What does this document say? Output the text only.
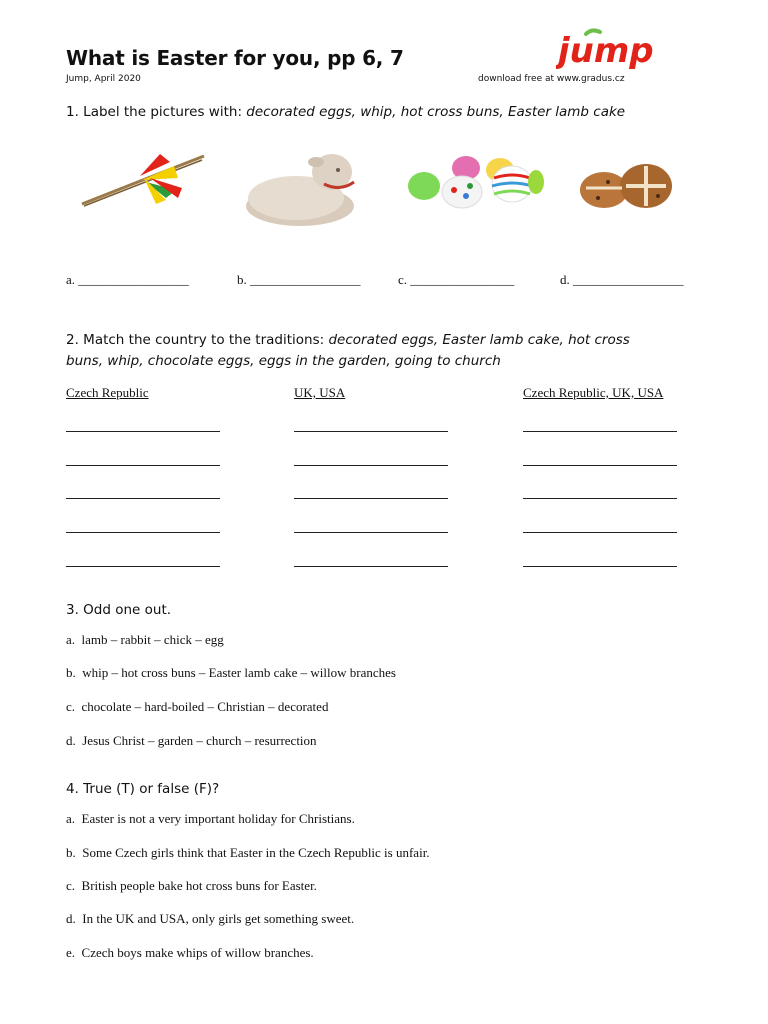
What is Easter for you, pp 6, 7
Jump, April 2020	download free at www.gradus.cz
jump
1. Label the pictures with: decorated eggs, whip, hot cross buns, Easter lamb cake
a. _________________	b. _________________	c. ________________	d. _________________
2. Match the country to the traditions: decorated eggs, Easter lamb cake, hot cross
buns, whip, chocolate eggs, eggs in the garden, going to church
Czech Republic	UK, USA	Czech Republic, UK, USA
3. Odd one out.
a. lamb – rabbit – chick – egg
b. whip – hot cross buns – Easter lamb cake – willow branches
c. chocolate – hard-boiled – Christian – decorated
d. Jesus Christ – garden – church – resurrection
4. True (T) or false (F)?
a. Easter is not a very important holiday for Christians.
b. Some Czech girls think that Easter in the Czech Republic is unfair.
c. British people bake hot cross buns for Easter.
d. In the UK and USA, only girls get something sweet.
e. Czech boys make whips of willow branches.
